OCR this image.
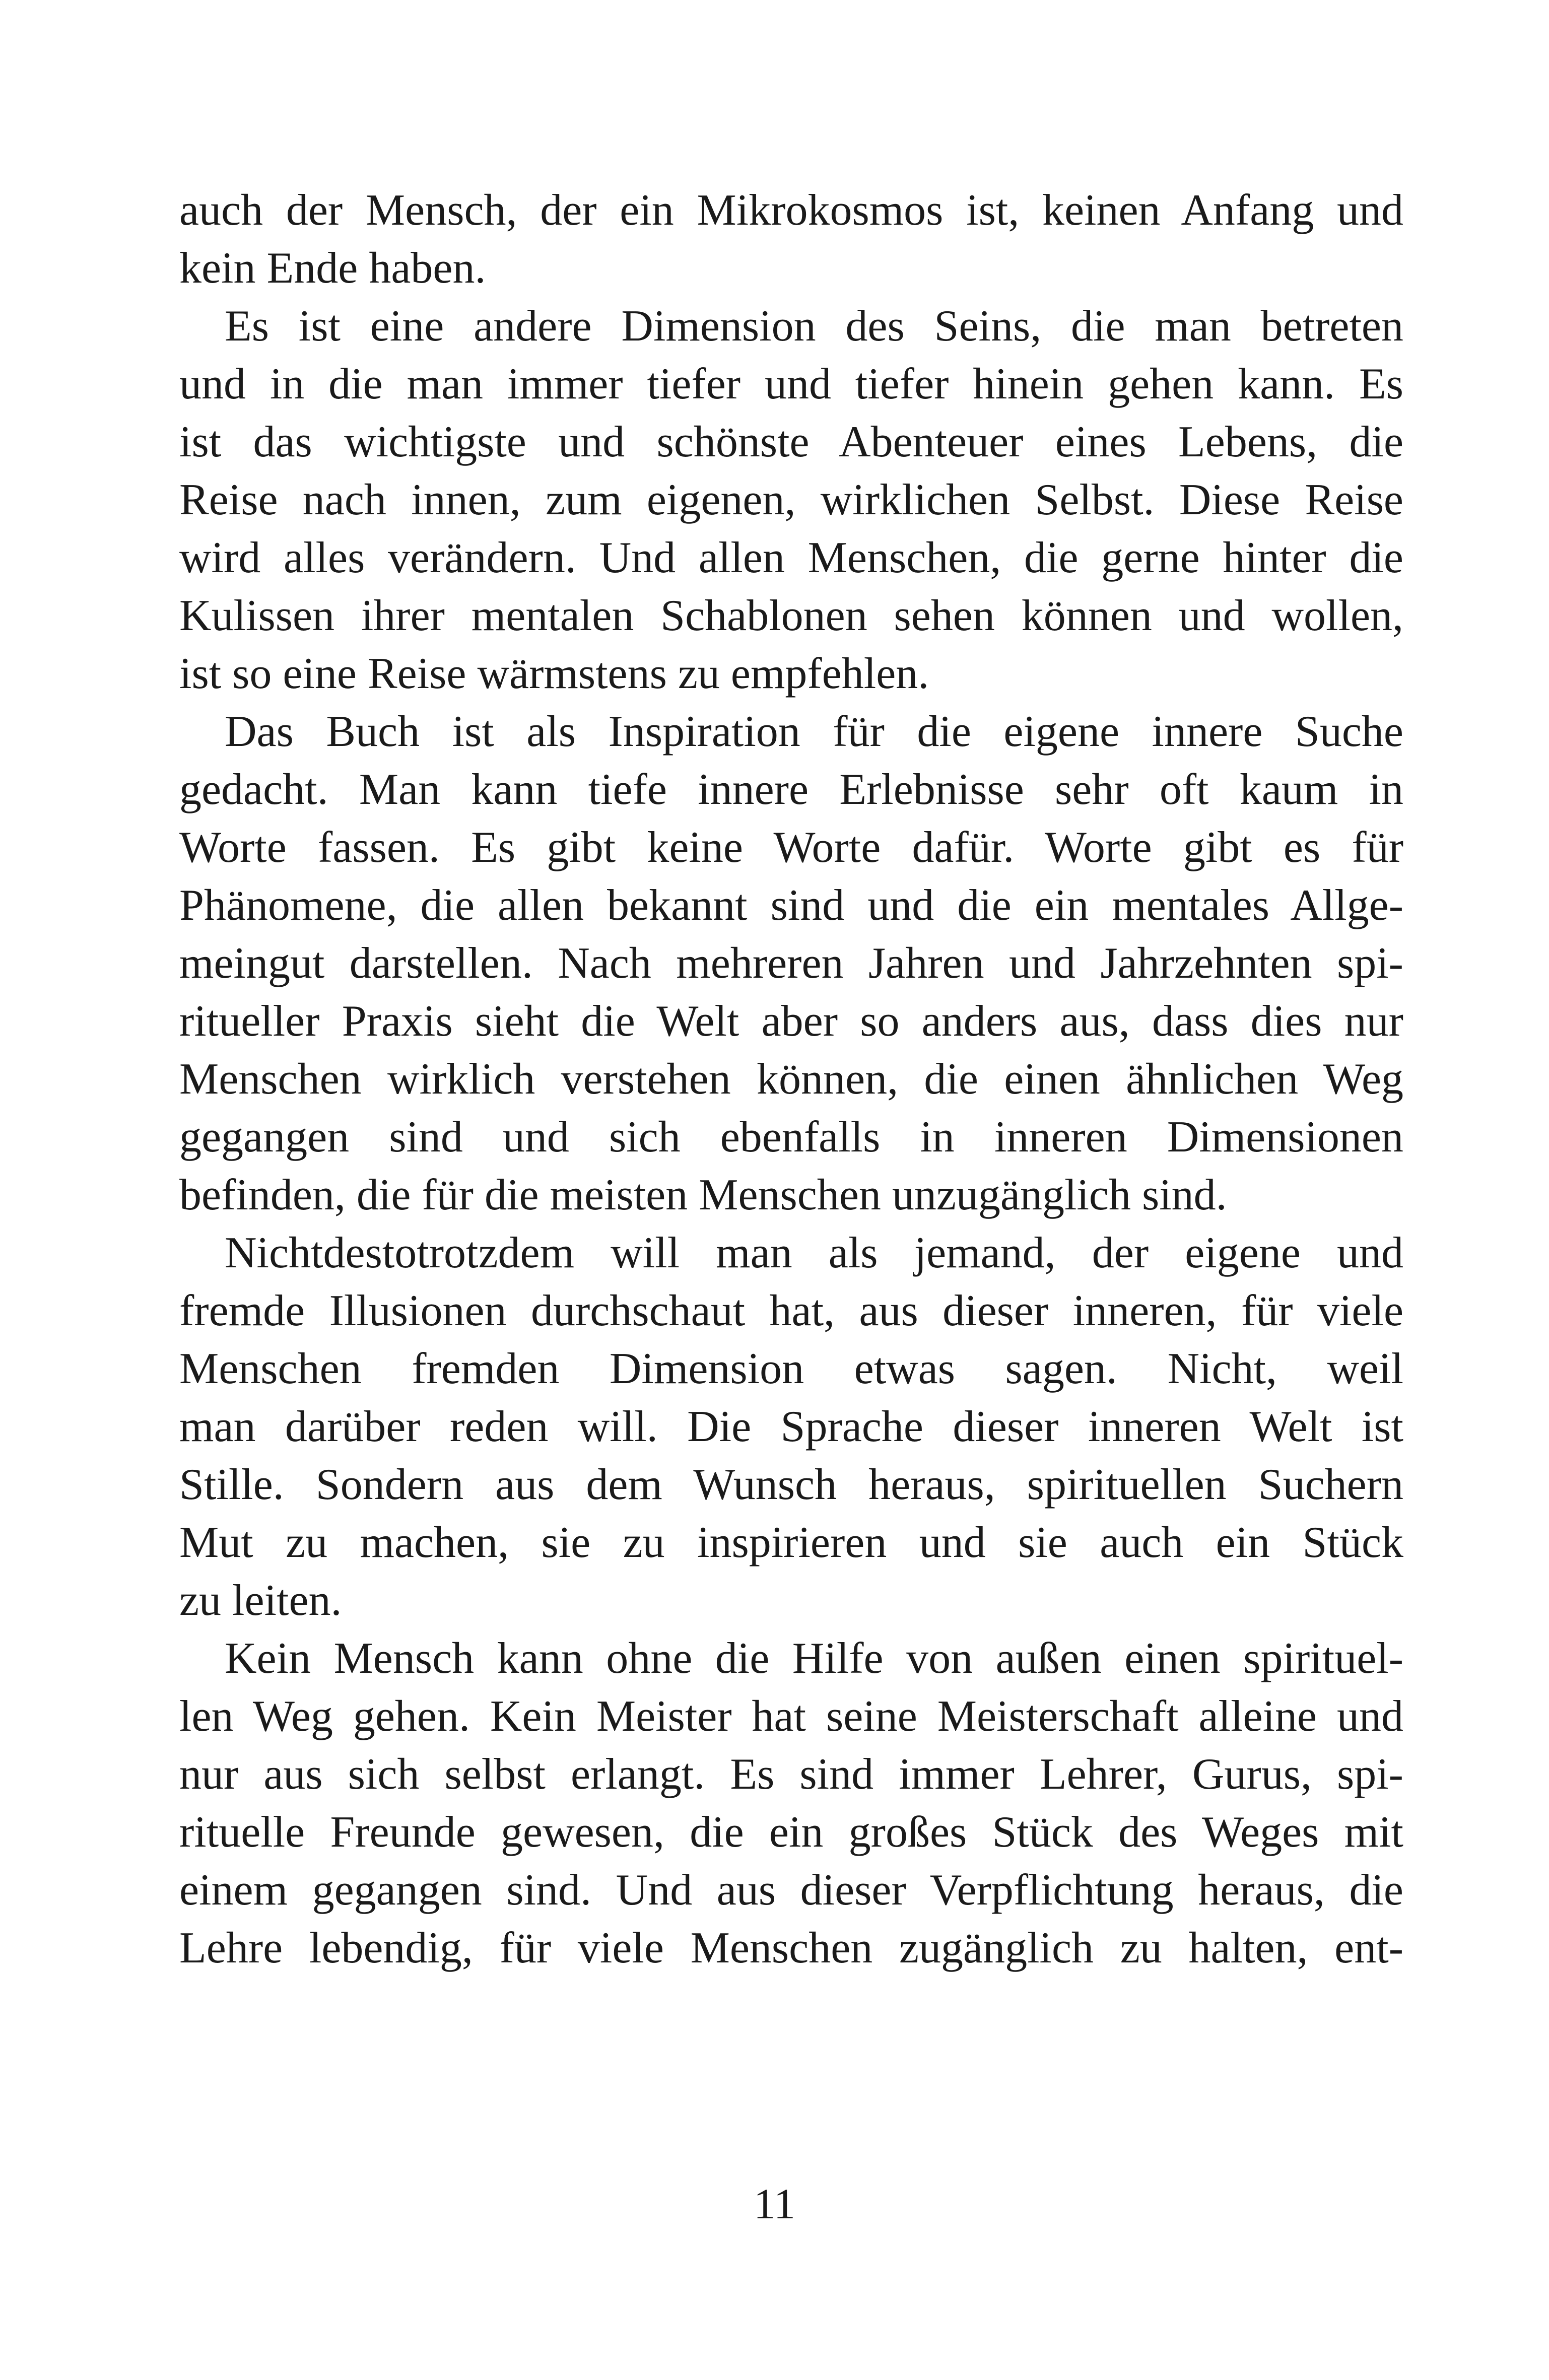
auch der Mensch, der ein Mikrokosmos ist, keinen Anfang und
kein Ende haben.
Es ist eine andere Dimension des Seins, die man betreten
und in die man immer tiefer und tiefer hinein gehen kann. Es
ist das wichtigste und schönste Abenteuer eines Lebens, die
Reise nach innen, zum eigenen, wirklichen Selbst. Diese Reise
wird alles verändern. Und allen Menschen, die gerne hinter die
Kulissen ihrer mentalen Schablonen sehen können und wollen,
ist so eine Reise wärmstens zu empfehlen.
Das Buch ist als Inspiration für die eigene innere Suche
gedacht. Man kann tiefe innere Erlebnisse sehr oft kaum in
Worte fassen. Es gibt keine Worte dafür. Worte gibt es für
Phänomene, die allen bekannt sind und die ein mentales Allge-
meingut darstellen. Nach mehreren Jahren und Jahrzehnten spi-
ritueller Praxis sieht die Welt aber so anders aus, dass dies nur
Menschen wirklich verstehen können, die einen ähnlichen Weg
gegangen sind und sich ebenfalls in inneren Dimensionen
befinden, die für die meisten Menschen unzugänglich sind.
Nichtdestotrotzdem will man als jemand, der eigene und
fremde Illusionen durchschaut hat, aus dieser inneren, für viele
Menschen fremden Dimension etwas sagen. Nicht, weil
man darüber reden will. Die Sprache dieser inneren Welt ist
Stille. Sondern aus dem Wunsch heraus, spirituellen Suchern
Mut zu machen, sie zu inspirieren und sie auch ein Stück
zu leiten.
Kein Mensch kann ohne die Hilfe von außen einen spirituel-
len Weg gehen. Kein Meister hat seine Meisterschaft alleine und
nur aus sich selbst erlangt. Es sind immer Lehrer, Gurus, spi-
rituelle Freunde gewesen, die ein großes Stück des Weges mit
einem gegangen sind. Und aus dieser Verpflichtung heraus, die
Lehre lebendig, für viele Menschen zugänglich zu halten, ent-
11
